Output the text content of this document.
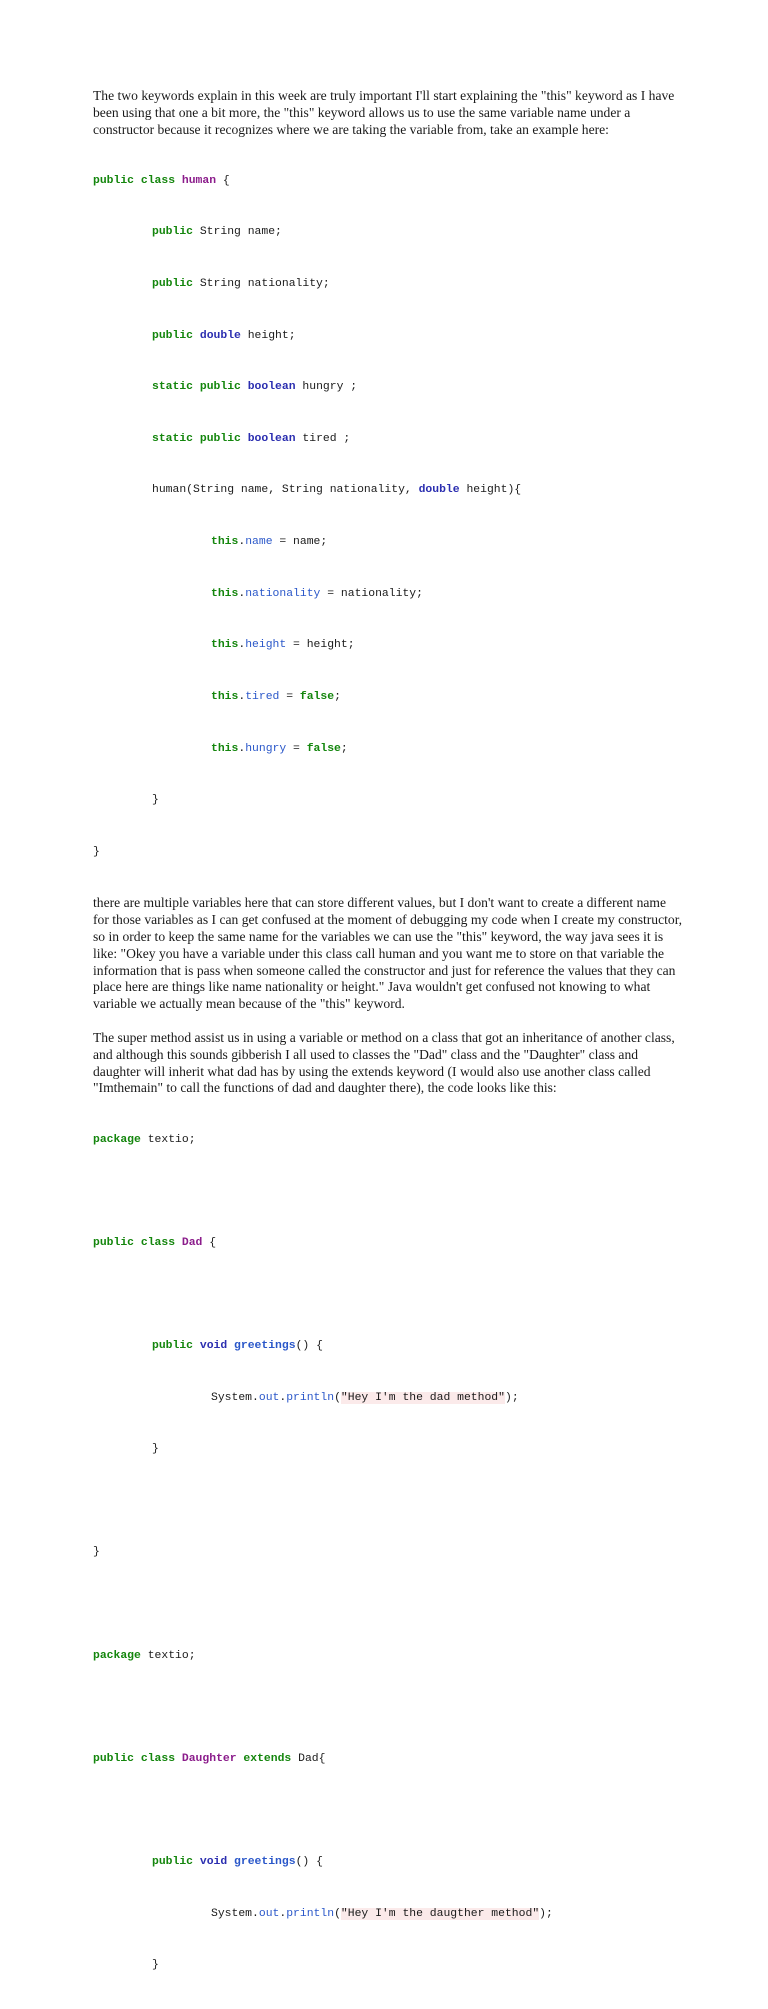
The two keywords explain in this week are truly important I'll start explaining the "this" keyword as I have been using that one a bit more, the "this" keyword allows us to use the same variable name under a constructor because it recognizes where we are taking the variable from, take an example here:

public class human {

public String name;

public String nationality;

public double height;

static public boolean hungry ;

static public boolean tired ;

human(String name, String nationality, double height){

this.name = name;

this.nationality = nationality;

this.height = height;

this.tired = false;

this.hungry = false;

}

}

there are multiple variables here that can store different values, but I don't want to create a different name for those variables as I can get confused at the moment of debugging my code when I create my constructor, so in order to keep the same name for the variables we can use the "this" keyword, the way java sees it is like: "Okey you have a variable under this class call human and you want me to store on that variable the information that is pass when someone called the constructor and just for reference the values that they can place here are things like name nationality or height." Java wouldn't get confused not knowing to what variable we actually mean because of the "this" keyword.

The super method assist us in using a variable or method on a class that got an inheritance of another class, and although this sounds gibberish I all used to classes the "Dad" class and the "Daughter" class and daughter will inherit what dad has by using the extends keyword (I would also use another class called "Imthemain" to call the functions of dad and daughter there), the code looks like this:

package textio;

public class Dad {

public void greetings() {

System.out.println("Hey I'm the dad method");

}

}

package textio;

public class Daughter extends Dad{

public void greetings() {

System.out.println("Hey I'm the daugther method");

}
